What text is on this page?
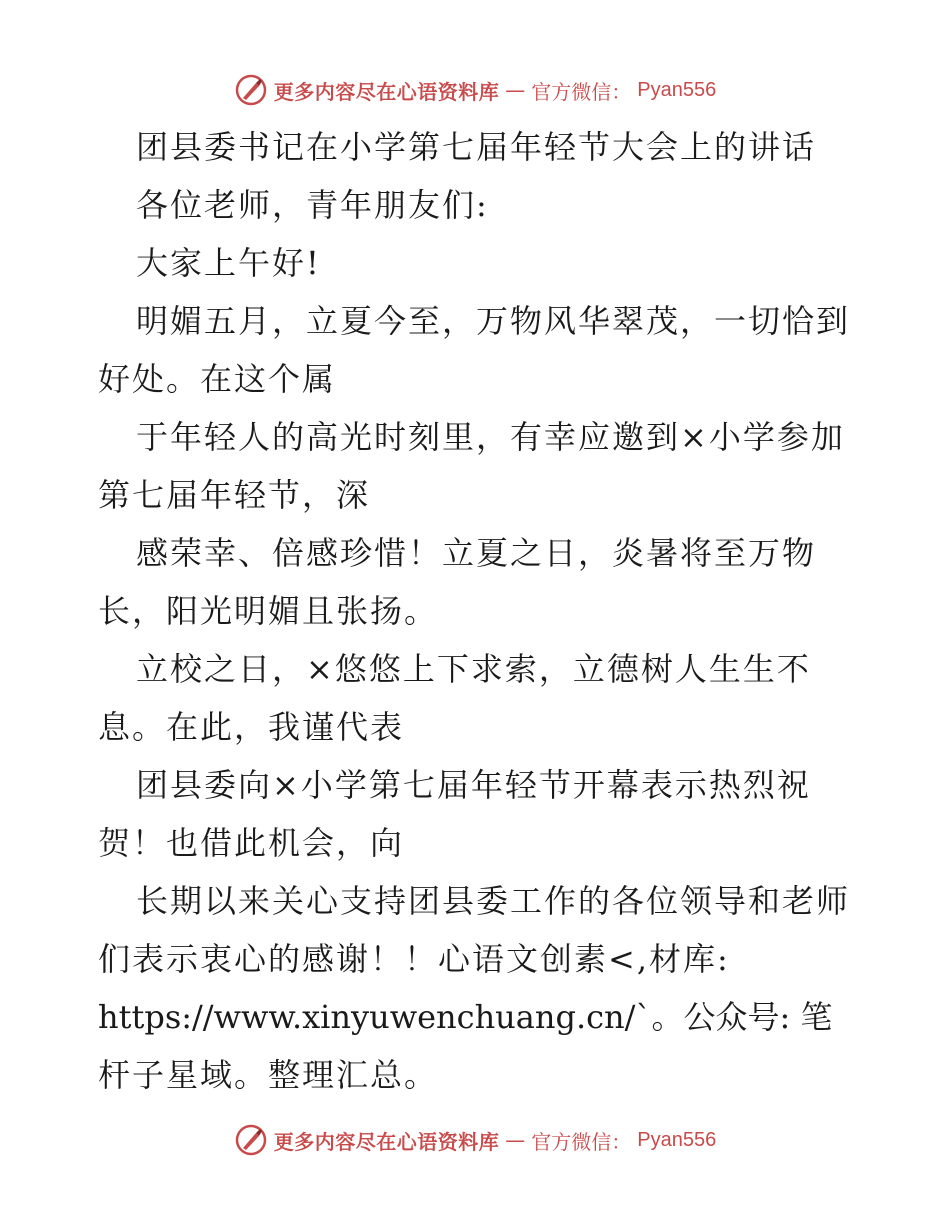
更多内容尽在心语资料库 — 官方微信： Pyan556
团县委书记在小学第七届年轻节大会上的讲话
各位老师，青年朋友们:
大家上午好!
明媚五月，立夏今至，万物风华翠茂，一切恰到
好处。在这个属
于年轻人的高光时刻里，有幸应邀到×小学参加
第七届年轻节，深
感荣幸、倍感珍惜！立夏之日，炎暑将至万物
长，阳光明媚且张扬。
立校之日，×悠悠上下求索，立德树人生生不
息。在此，我谨代表
团县委向×小学第七届年轻节开幕表示热烈祝
贺！也借此机会，向
长期以来关心支持团县委工作的各位领导和老师
们表示衷心的感谢！！心语文创素<,材库:
https://www.xinyuwenchuang.cn/`。公众号: 笔
杆子星域。整理汇总。
更多内容尽在心语资料库 — 官方微信： Pyan556
